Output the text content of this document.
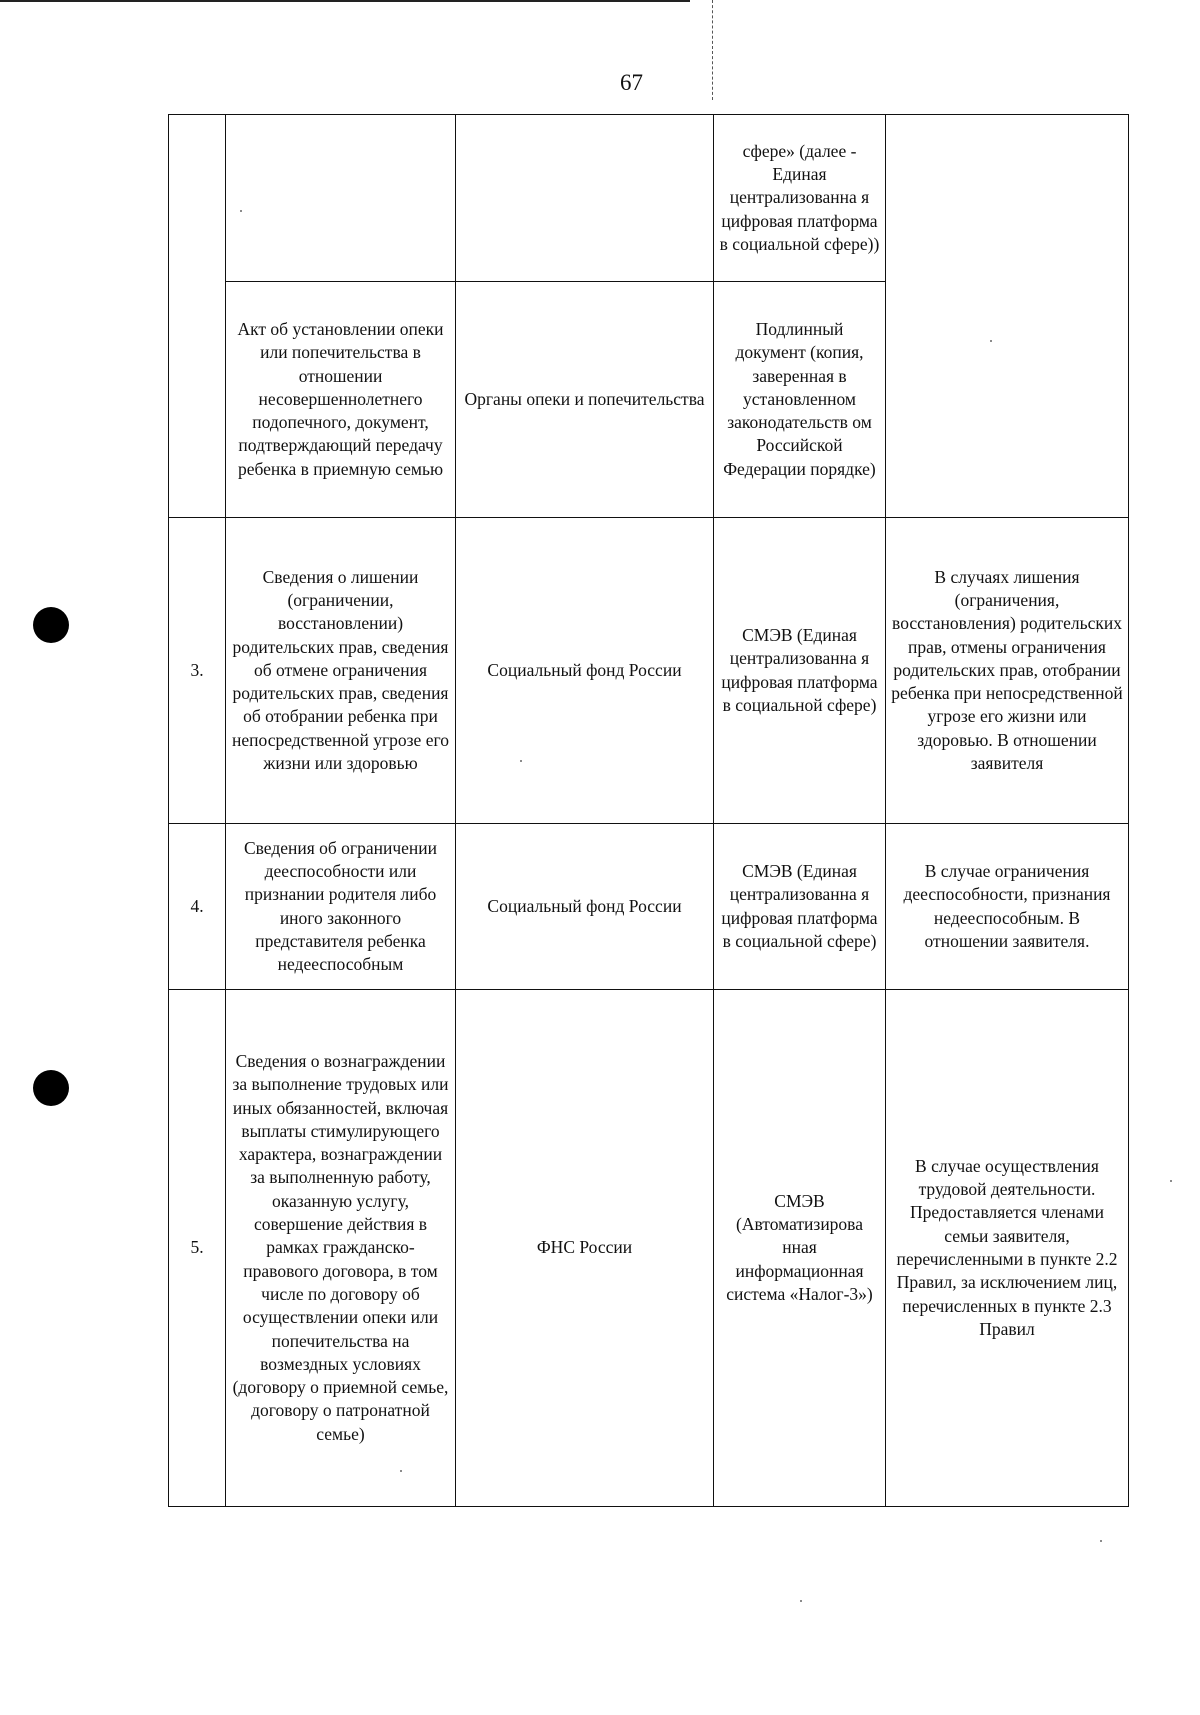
67
			сфере» (далее - Единая централизованна я цифровая платформа в социальной сфере))	
	Акт об установлении опеки или попечительства в отношении несовершеннолетнего подопечного, документ, подтверждающий передачу ребенка в приемную семью	Органы опеки и попечительства	Подлинный документ (копия, заверенная в установленном законодательств ом Российской Федерации порядке)	
3.	Сведения о лишении (ограничении, восстановлении) родительских прав, сведения об отмене ограничения родительских прав, сведения об отобрании ребенка при непосредственной угрозе его жизни или здоровью	Социальный фонд России	СМЭВ (Единая централизованна я цифровая платформа в социальной сфере)	В случаях лишения (ограничения, восстановления) родительских прав, отмены ограничения родительских прав, отобрании ребенка при непосредственной угрозе его жизни или здоровью. В отношении заявителя
4.	Сведения об ограничении дееспособности или признании родителя либо иного законного представителя ребенка недееспособным	Социальный фонд России	СМЭВ (Единая централизованна я цифровая платформа в социальной сфере)	В случае ограничения дееспособности, признания недееспособным. В отношении заявителя.
5.	Сведения о вознаграждении за выполнение трудовых или иных обязанностей, включая выплаты стимулирующего характера, вознаграждении за выполненную работу, оказанную услугу, совершение действия в рамках гражданско-правового договора, в том числе по договору об осуществлении опеки или попечительства на возмездных условиях (договору о приемной семье, договору о патронатной семье)	ФНС России	СМЭВ (Автоматизирова нная информационная система «Налог-3»)	В случае осуществления трудовой деятельности. Предоставляется членами семьи заявителя, перечисленными в пункте 2.2 Правил, за исключением лиц, перечисленных в пункте 2.3 Правил
